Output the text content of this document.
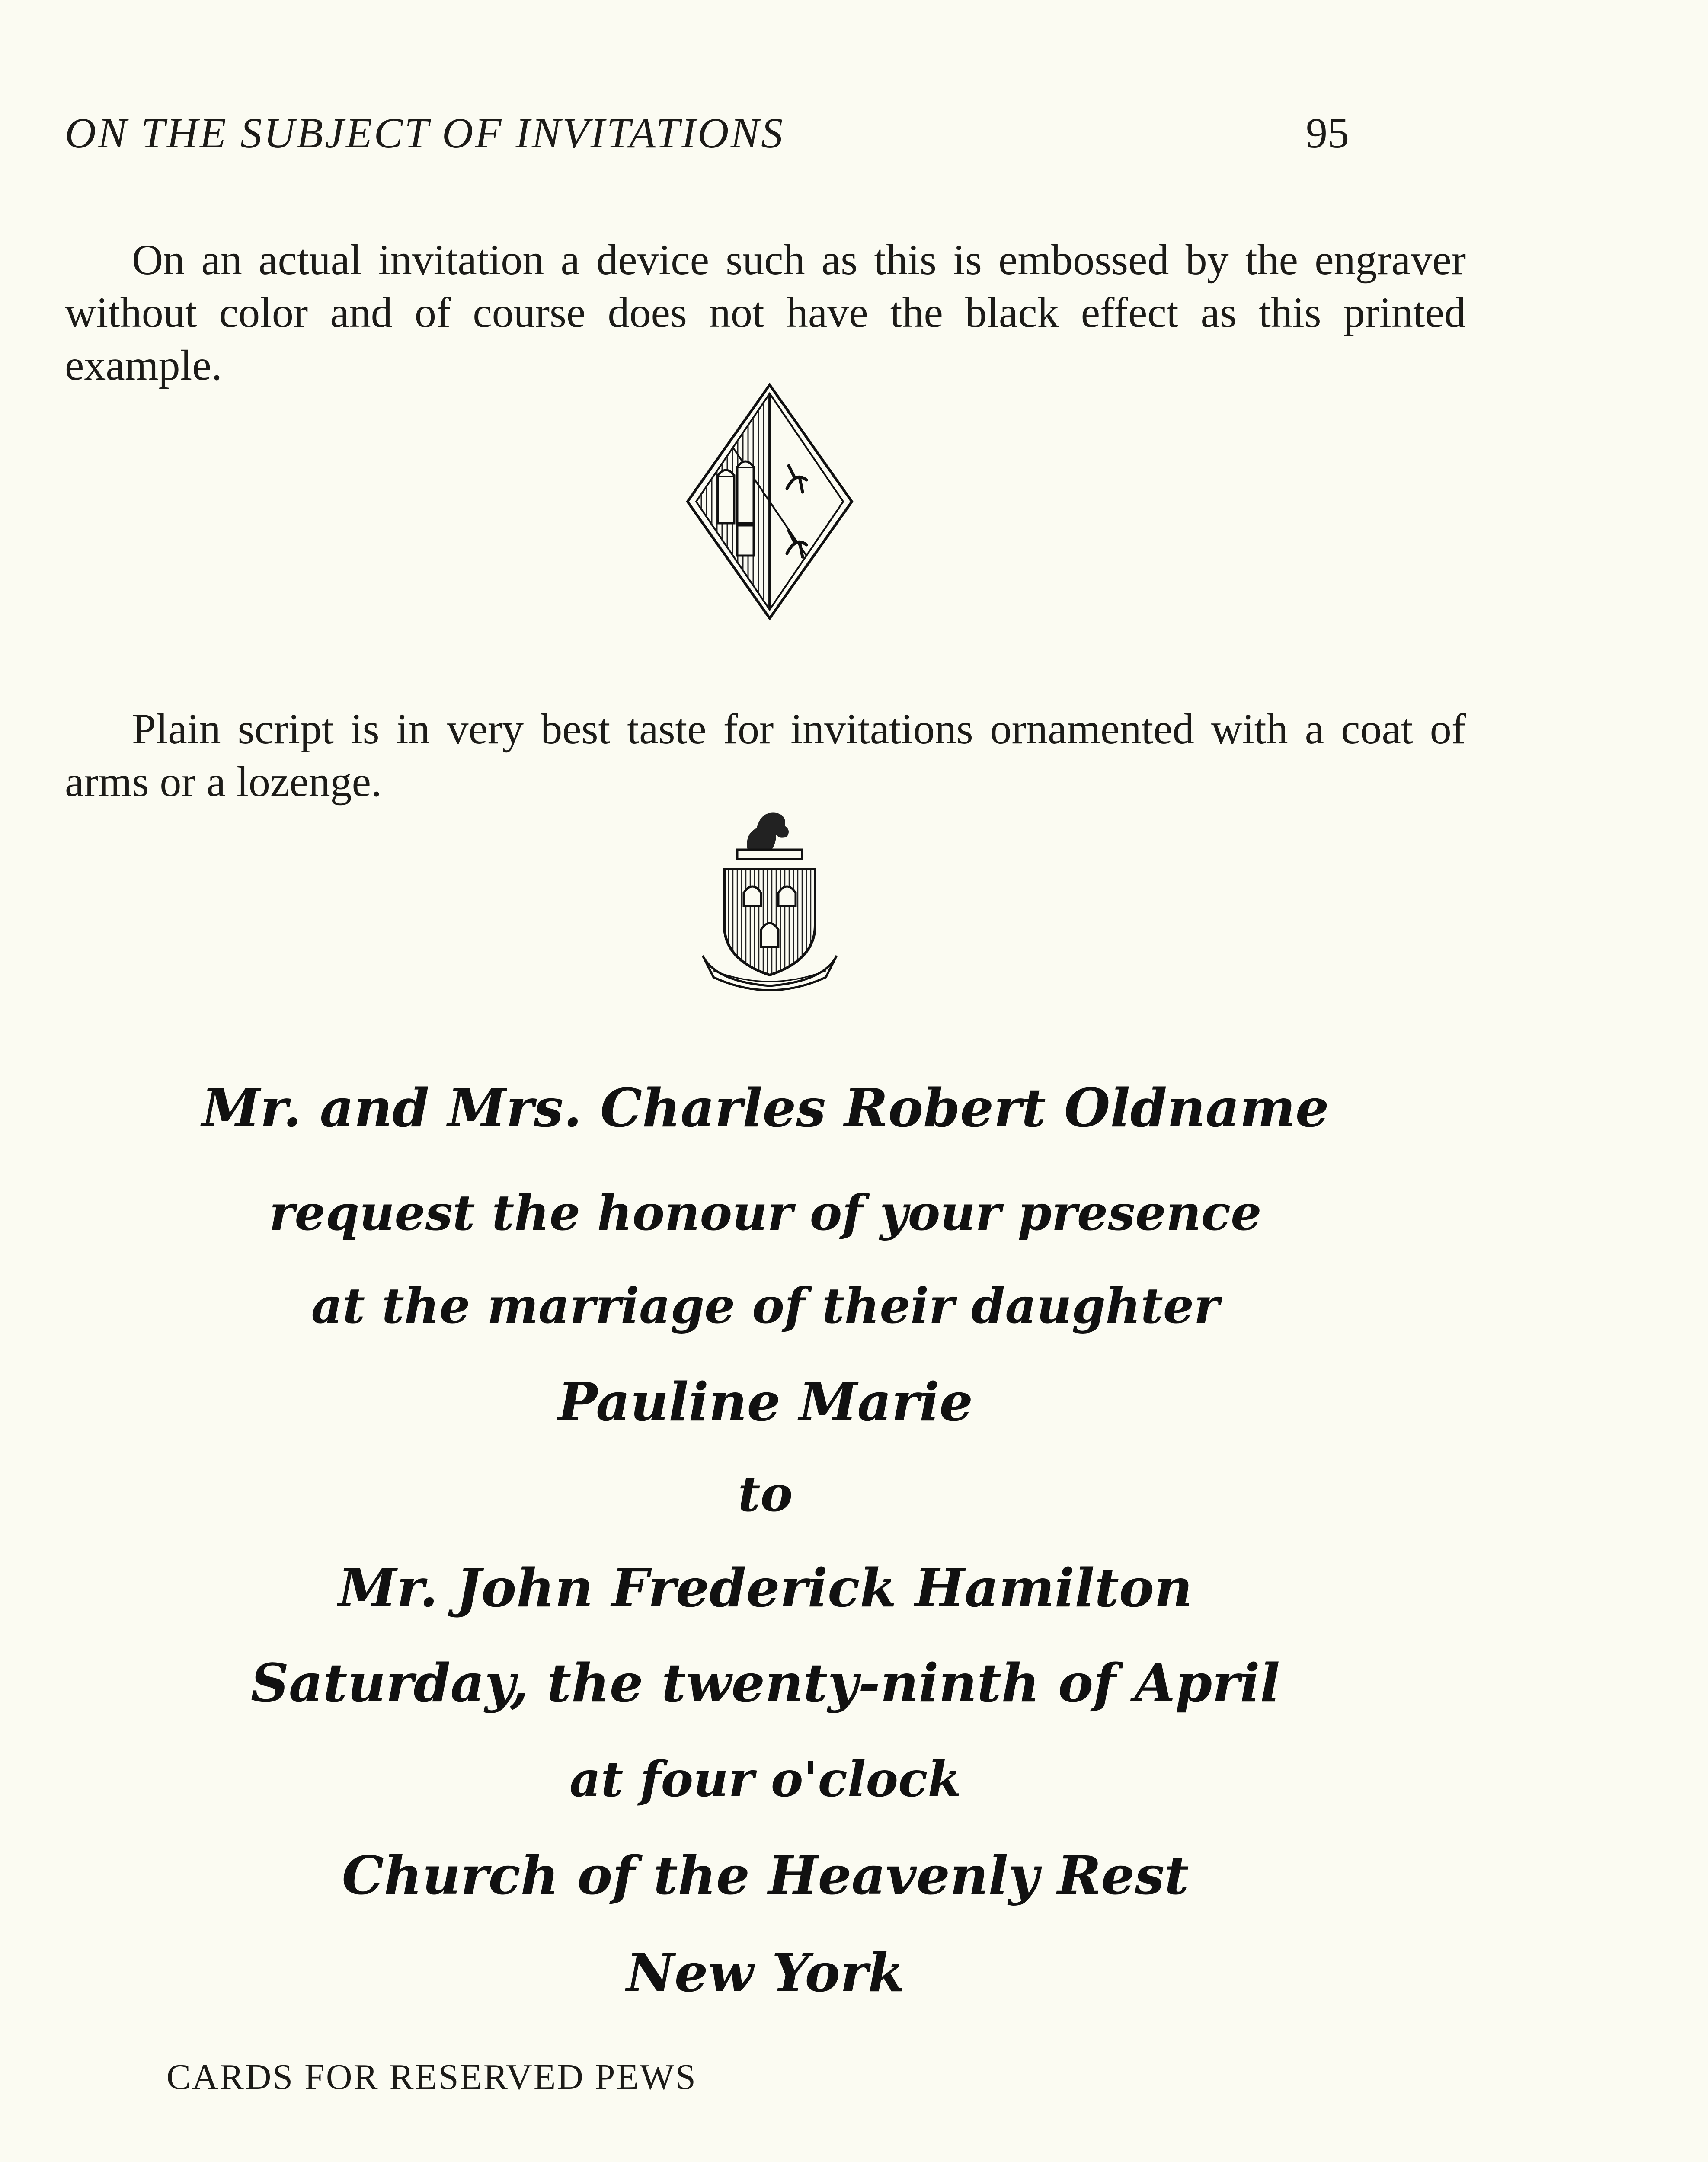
ON THE SUBJECT OF INVITATIONS	95

On an actual invitation a device such as this is embossed by the engraver without color and of course does not have the black effect as this printed example.

Plain script is in very best taste for invitations ornamented with a coat of arms or a lozenge.

Mr. and Mrs. Charles Robert Oldname
request the honour of your presence
at the marriage of their daughter
Pauline Marie
to
Mr. John Frederick Hamilton
Saturday, the twenty-ninth of April
at four o'clock
Church of the Heavenly Rest
New York
CARDS FOR RESERVED PEWS
